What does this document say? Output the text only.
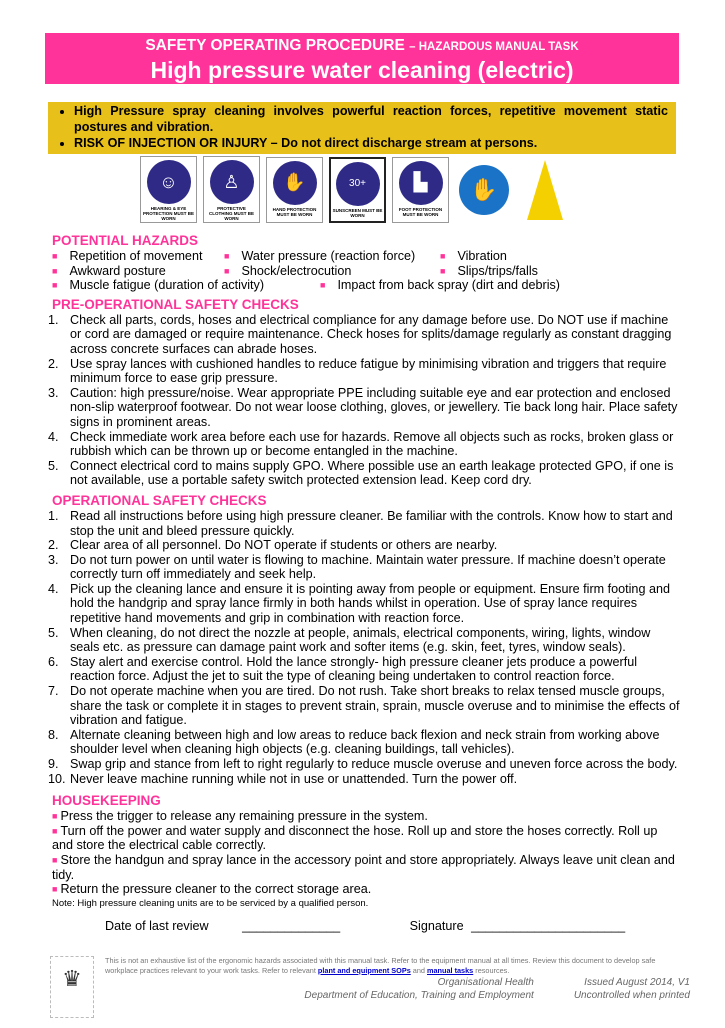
SAFETY OPERATING PROCEDURE – HAZARDOUS MANUAL TASK
High pressure water cleaning (electric)
• High Pressure spray cleaning involves powerful reaction forces, repetitive movement static postures and vibration.
• RISK OF INJECTION OR INJURY – Do not direct discharge stream at persons.
☺
HEARING & EYE PROTECTION MUST BE WORN
♙
PROTECTIVE CLOTHING MUST BE WORN
✋
HAND PROTECTION MUST BE WORN
30+
SUNSCREEN MUST BE WORN
▙
FOOT PROTECTION MUST BE WORN
✋
POTENTIAL HAZARDS
■ Repetition of movement	■ Water pressure (reaction force)	■ Vibration
■ Awkward posture	■ Shock/electrocution	■ Slips/trips/falls
■ Muscle fatigue (duration of activity)	■ Impact from back spray (dirt and debris)
PRE-OPERATIONAL SAFETY CHECKS
1. Check all parts, cords, hoses and electrical compliance for any damage before use. Do NOT use if machine or cord are damaged or require maintenance. Check hoses for splits/damage regularly as constant dragging across concrete surfaces can abrade hoses.
2. Use spray lances with cushioned handles to reduce fatigue by minimising vibration and triggers that require minimum force to ease grip pressure.
3. Caution: high pressure/noise. Wear appropriate PPE including suitable eye and ear protection and enclosed non-slip waterproof footwear. Do not wear loose clothing, gloves, or jewellery. Tie back long hair. Place safety signs in prominent areas.
4. Check immediate work area before each use for hazards. Remove all objects such as rocks, broken glass or rubbish which can be thrown up or become entangled in the machine.
5. Connect electrical cord to mains supply GPO. Where possible use an earth leakage protected GPO, if one is not available, use a portable safety switch protected extension lead. Keep cord dry.
OPERATIONAL SAFETY CHECKS
1. Read all instructions before using high pressure cleaner. Be familiar with the controls. Know how to start and stop the unit and bleed pressure quickly.
2. Clear area of all personnel. Do NOT operate if students or others are nearby.
3. Do not turn power on until water is flowing to machine. Maintain water pressure. If machine doesn’t operate correctly turn off immediately and seek help.
4. Pick up the cleaning lance and ensure it is pointing away from people or equipment. Ensure firm footing and hold the handgrip and spray lance firmly in both hands whilst in operation. Use of spray lance requires repetitive hand movements and grip in combination with reaction force.
5. When cleaning, do not direct the nozzle at people, animals, electrical components, wiring, lights, window seals etc. as pressure can damage paint work and softer items (e.g. skin, feet, tyres, window seals).
6. Stay alert and exercise control. Hold the lance strongly- high pressure cleaner jets produce a powerful reaction force. Adjust the jet to suit the type of cleaning being undertaken to control reaction force.
7. Do not operate machine when you are tired. Do not rush. Take short breaks to relax tensed muscle groups, share the task or complete it in stages to prevent strain, sprain, muscle overuse and to minimise the effects of vibration and fatigue.
8. Alternate cleaning between high and low areas to reduce back flexion and neck strain from working above shoulder level when cleaning high objects (e.g. cleaning buildings, tall vehicles).
9. Swap grip and stance from left to right regularly to reduce muscle overuse and uneven force across the body.
10. Never leave machine running while not in use or unattended. Turn the power off.
HOUSEKEEPING

■ Press the trigger to release any remaining pressure in the system.

■ Turn off the power and water supply and disconnect the hose. Roll up and store the hoses correctly. Roll up and store the electrical cable correctly.

■ Store the handgun and spray lance in the accessory point and store appropriately. Always leave unit clean and tidy.

■ Return the pressure cleaner to the correct storage area.

Note: High pressure cleaning units are to be serviced by a qualified person.
Date of last review	______________	Signature ______________________
♛
This is not an exhaustive list of the ergonomic hazards associated with this manual task. Refer to the equipment manual at all times. Review this document to develop safe workplace practices relevant to your work tasks. Refer to relevant plant and equipment SOPs and manual tasks resources.
Organisational Health
Department of Education, Training and Employment
Issued August 2014, V1
Uncontrolled when printed
